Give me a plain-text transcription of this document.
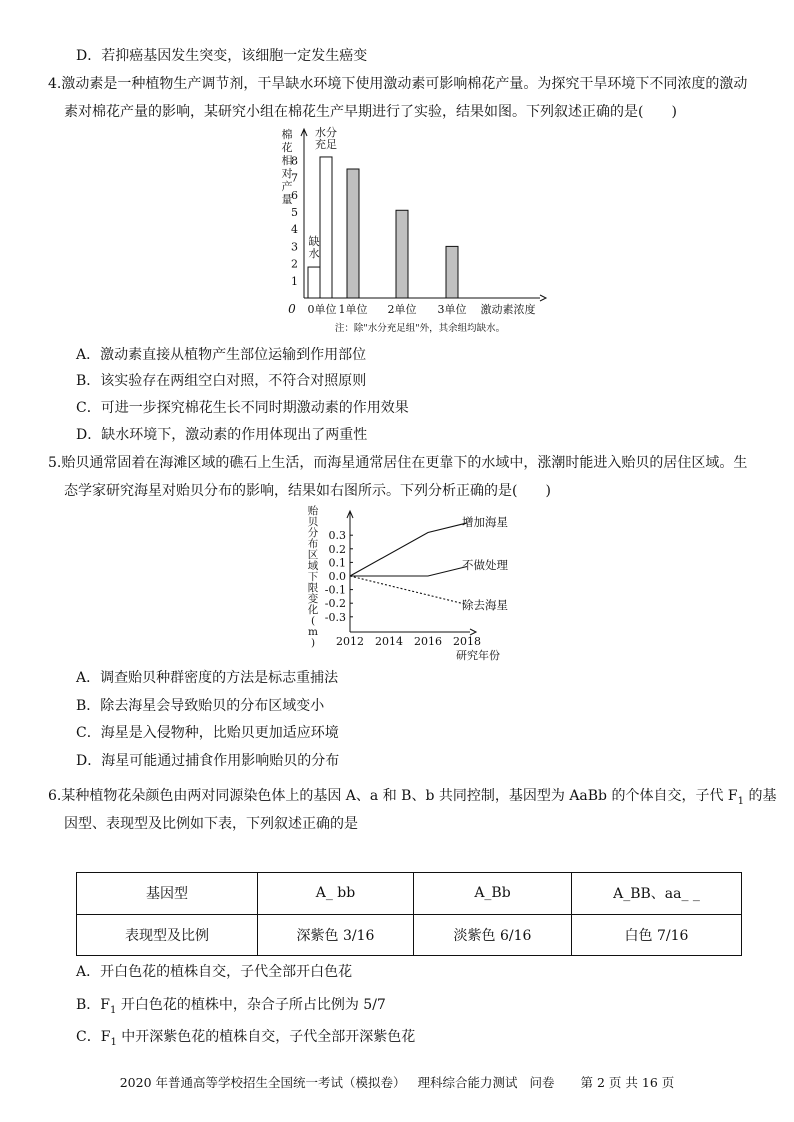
D．若抑癌基因发生突变，该细胞一定发生癌变
4.激动素是一种植物生产调节剂，干旱缺水环境下使用激动素可影响棉花产量。为探究干旱环境下不同浓度的激动
素对棉花产量的影响，某研究小组在棉花生产早期进行了实验，结果如图。下列叙述正确的是(　　)
1
2
3
4
5
6
7
8
0
棉花相对产量
缺水
水分充足
0单位 1单位 2单位 3单位 激动素浓度
注：除"水分充足组"外，其余组均缺水。
A．激动素直接从植物产生部位运输到作用部位
B．该实验存在两组空白对照，不符合对照原则
C．可进一步探究棉花生长不同时期激动素的作用效果
D．缺水环境下，激动素的作用体现出了两重性
5.贻贝通常固着在海滩区域的礁石上生活，而海星通常居住在更靠下的水域中，涨潮时能进入贻贝的居住区域。生
态学家研究海星对贻贝分布的影响，结果如右图所示。下列分析正确的是(　　)
0.3
0.2
0.1
0.0
-0.1
-0.2
-0.3
贻贝分布区域下限变化( m )	2012 2014 2016 2018
研究年份
增加海星
不做处理
除去海星
A．调查贻贝种群密度的方法是标志重捕法
B．除去海星会导致贻贝的分布区域变小
C．海星是入侵物种，比贻贝更加适应环境
D．海星可能通过捕食作用影响贻贝的分布
6.某种植物花朵颜色由两对同源染色体上的基因 A、a 和 B、b 共同控制，基因型为 AaBb 的个体自交，子代 $F_1$ 的基
因型、表现型及比例如下表，下列叙述正确的是
基因型	A_ bb	A_Bb	A_BB、aa_ _
表现型及比例	深紫色 3/16	淡紫色 6/16	白色 7/16
A．开白色花的植株自交，子代全部开白色花
B．$F_1$ 开白色花的植株中，杂合子所占比例为 5/7
C．$F_1$ 中开深紫色花的植株自交，子代全部开深紫色花
2020 年普通高等学校招生全国统一考试（模拟卷） 理科综合能力测试 问卷 第 2 页 共 16 页
